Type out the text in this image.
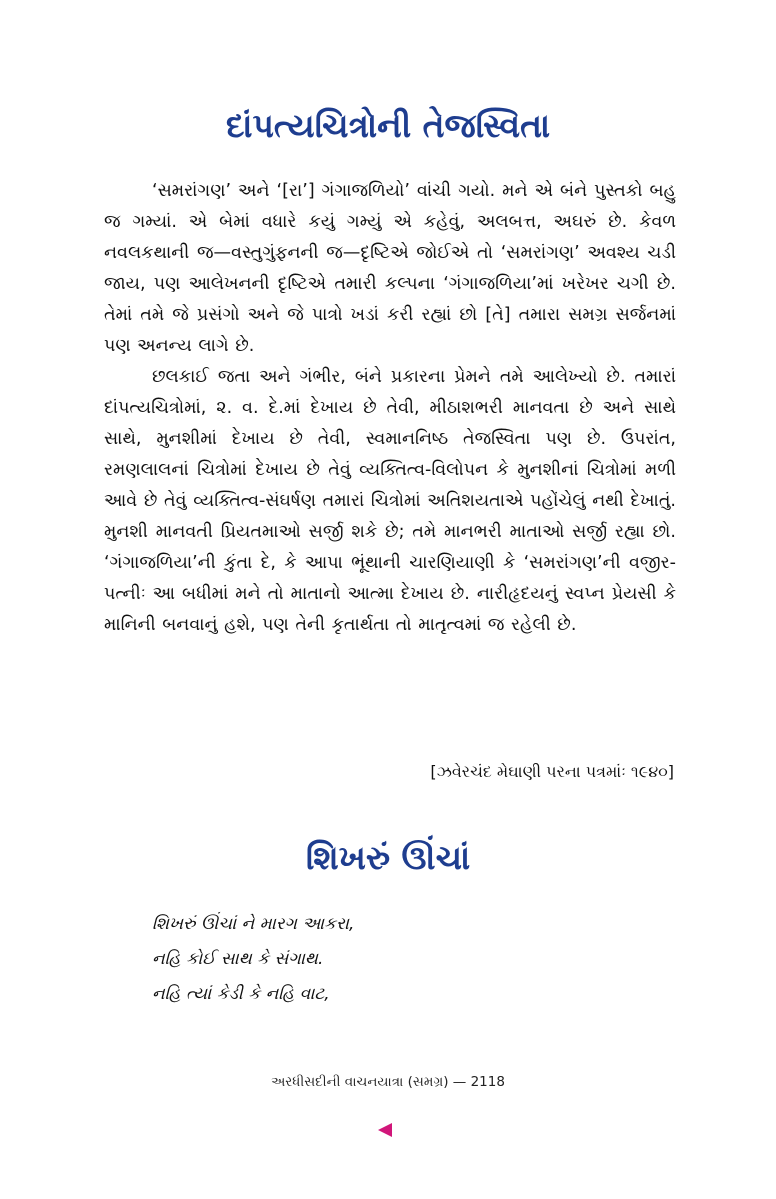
દાંપત્યચિત્રોની તેજસ્વિતા

‘સમરાંગણ’ અને ‘[રા’] ગંગાજળિયો’ વાંચી ગયો. મને એ બંને પુસ્તકો બહુ જ ગમ્યાં. એ બેમાં વધારે કયું ગમ્યું એ કહેવું, અલબત્ત, અઘરું છે. કેવળ નવલકથાની જ—વસ્તુગુંફનની જ—દૃષ્ટિએ જોઈએ તો ‘સમરાંગણ’ અવશ્ય ચડી જાય, પણ આલેખનની દૃષ્ટિએ તમારી કલ્પના ‘ગંગાજળિયા’માં ખરેખર ચગી છે. તેમાં તમે જે પ્રસંગો અને જે પાત્રો ખડાં કરી રહ્યાં છો [તે] તમારા સમગ્ર સર્જનમાં પણ અનન્ય લાગે છે.

છલકાઈ જતા અને ગંભીર, બંને પ્રકારના પ્રેમને તમે આલેખ્યો છે. તમારાં દાંપત્યચિત્રોમાં, ૨. વ. દે.માં દેખાય છે તેવી, મીઠાશભરી માનવતા છે અને સાથે સાથે, મુનશીમાં દેખાય છે તેવી, સ્વમાનનિષ્ઠ તેજસ્વિતા પણ છે. ઉપરાંત, રમણલાલનાં ચિત્રોમાં દેખાય છે તેવું વ્યક્તિત્વ-વિલોપન કે મુનશીનાં ચિત્રોમાં મળી આવે છે તેવું વ્યક્તિત્વ-સંઘર્ષણ તમારાં ચિત્રોમાં અતિશયતાએ પહોંચેલું નથી દેખાતું. મુનશી માનવતી પ્રિયતમાઓ સર્જી શકે છે; તમે માનભરી માતાઓ સર્જી રહ્યા છો. ‘ગંગાજળિયા’ની કુંતા દે, કે આપા ભૂંથાની ચારણિયાણી કે ‘સમરાંગણ’ની વજીર-પત્નીઃ આ બધીમાં મને તો માતાનો આત્મા દેખાય છે. નારીહૃદયનું સ્વપ્ન પ્રેયસી કે માનિની બનવાનું હશે, પણ તેની કૃતાર્થતા તો માતૃત્વમાં જ રહેલી છે.

[ઝવેરચંદ મેઘાણી પરના પત્રમાંઃ ૧૯૪૦]
શિખરું ઊંચાં
શિખરું ઊંચાં ને મારગ આકરા,
નહિ કોઈ સાથ કે સંગાથ.
નહિ ત્યાં કેડી કે નહિ વાટ,
અરધીસદીની વાચનયાત્રા (સમગ્ર) — 2118
